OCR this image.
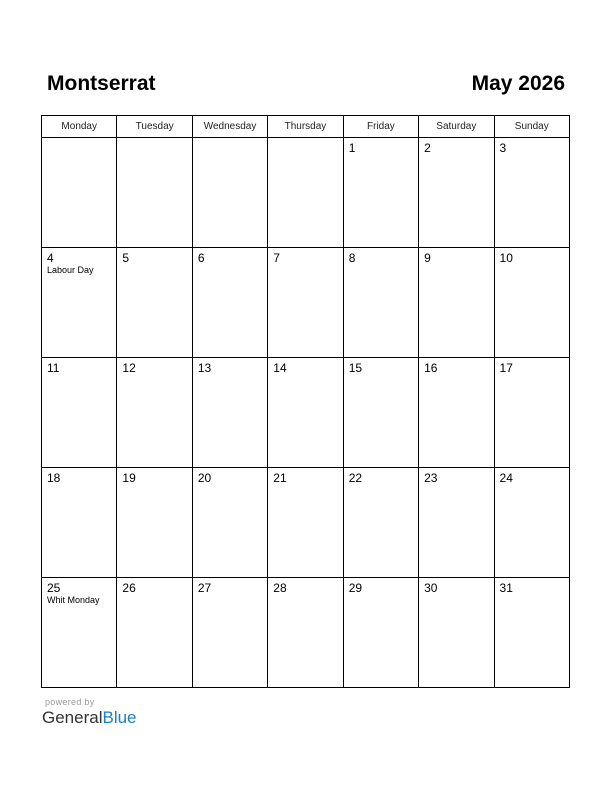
Montserrat	May 2026
Monday	Tuesday	Wednesday	Thursday	Friday	Saturday	Sunday

				1	2	3

4
Labour Day	5	6	7	8	9	10

11	12	13	14	15	16	17

18	19	20	21	22	23	24

25
Whit Monday	26	27	28	29	30	31
powered by
GeneralBlue
